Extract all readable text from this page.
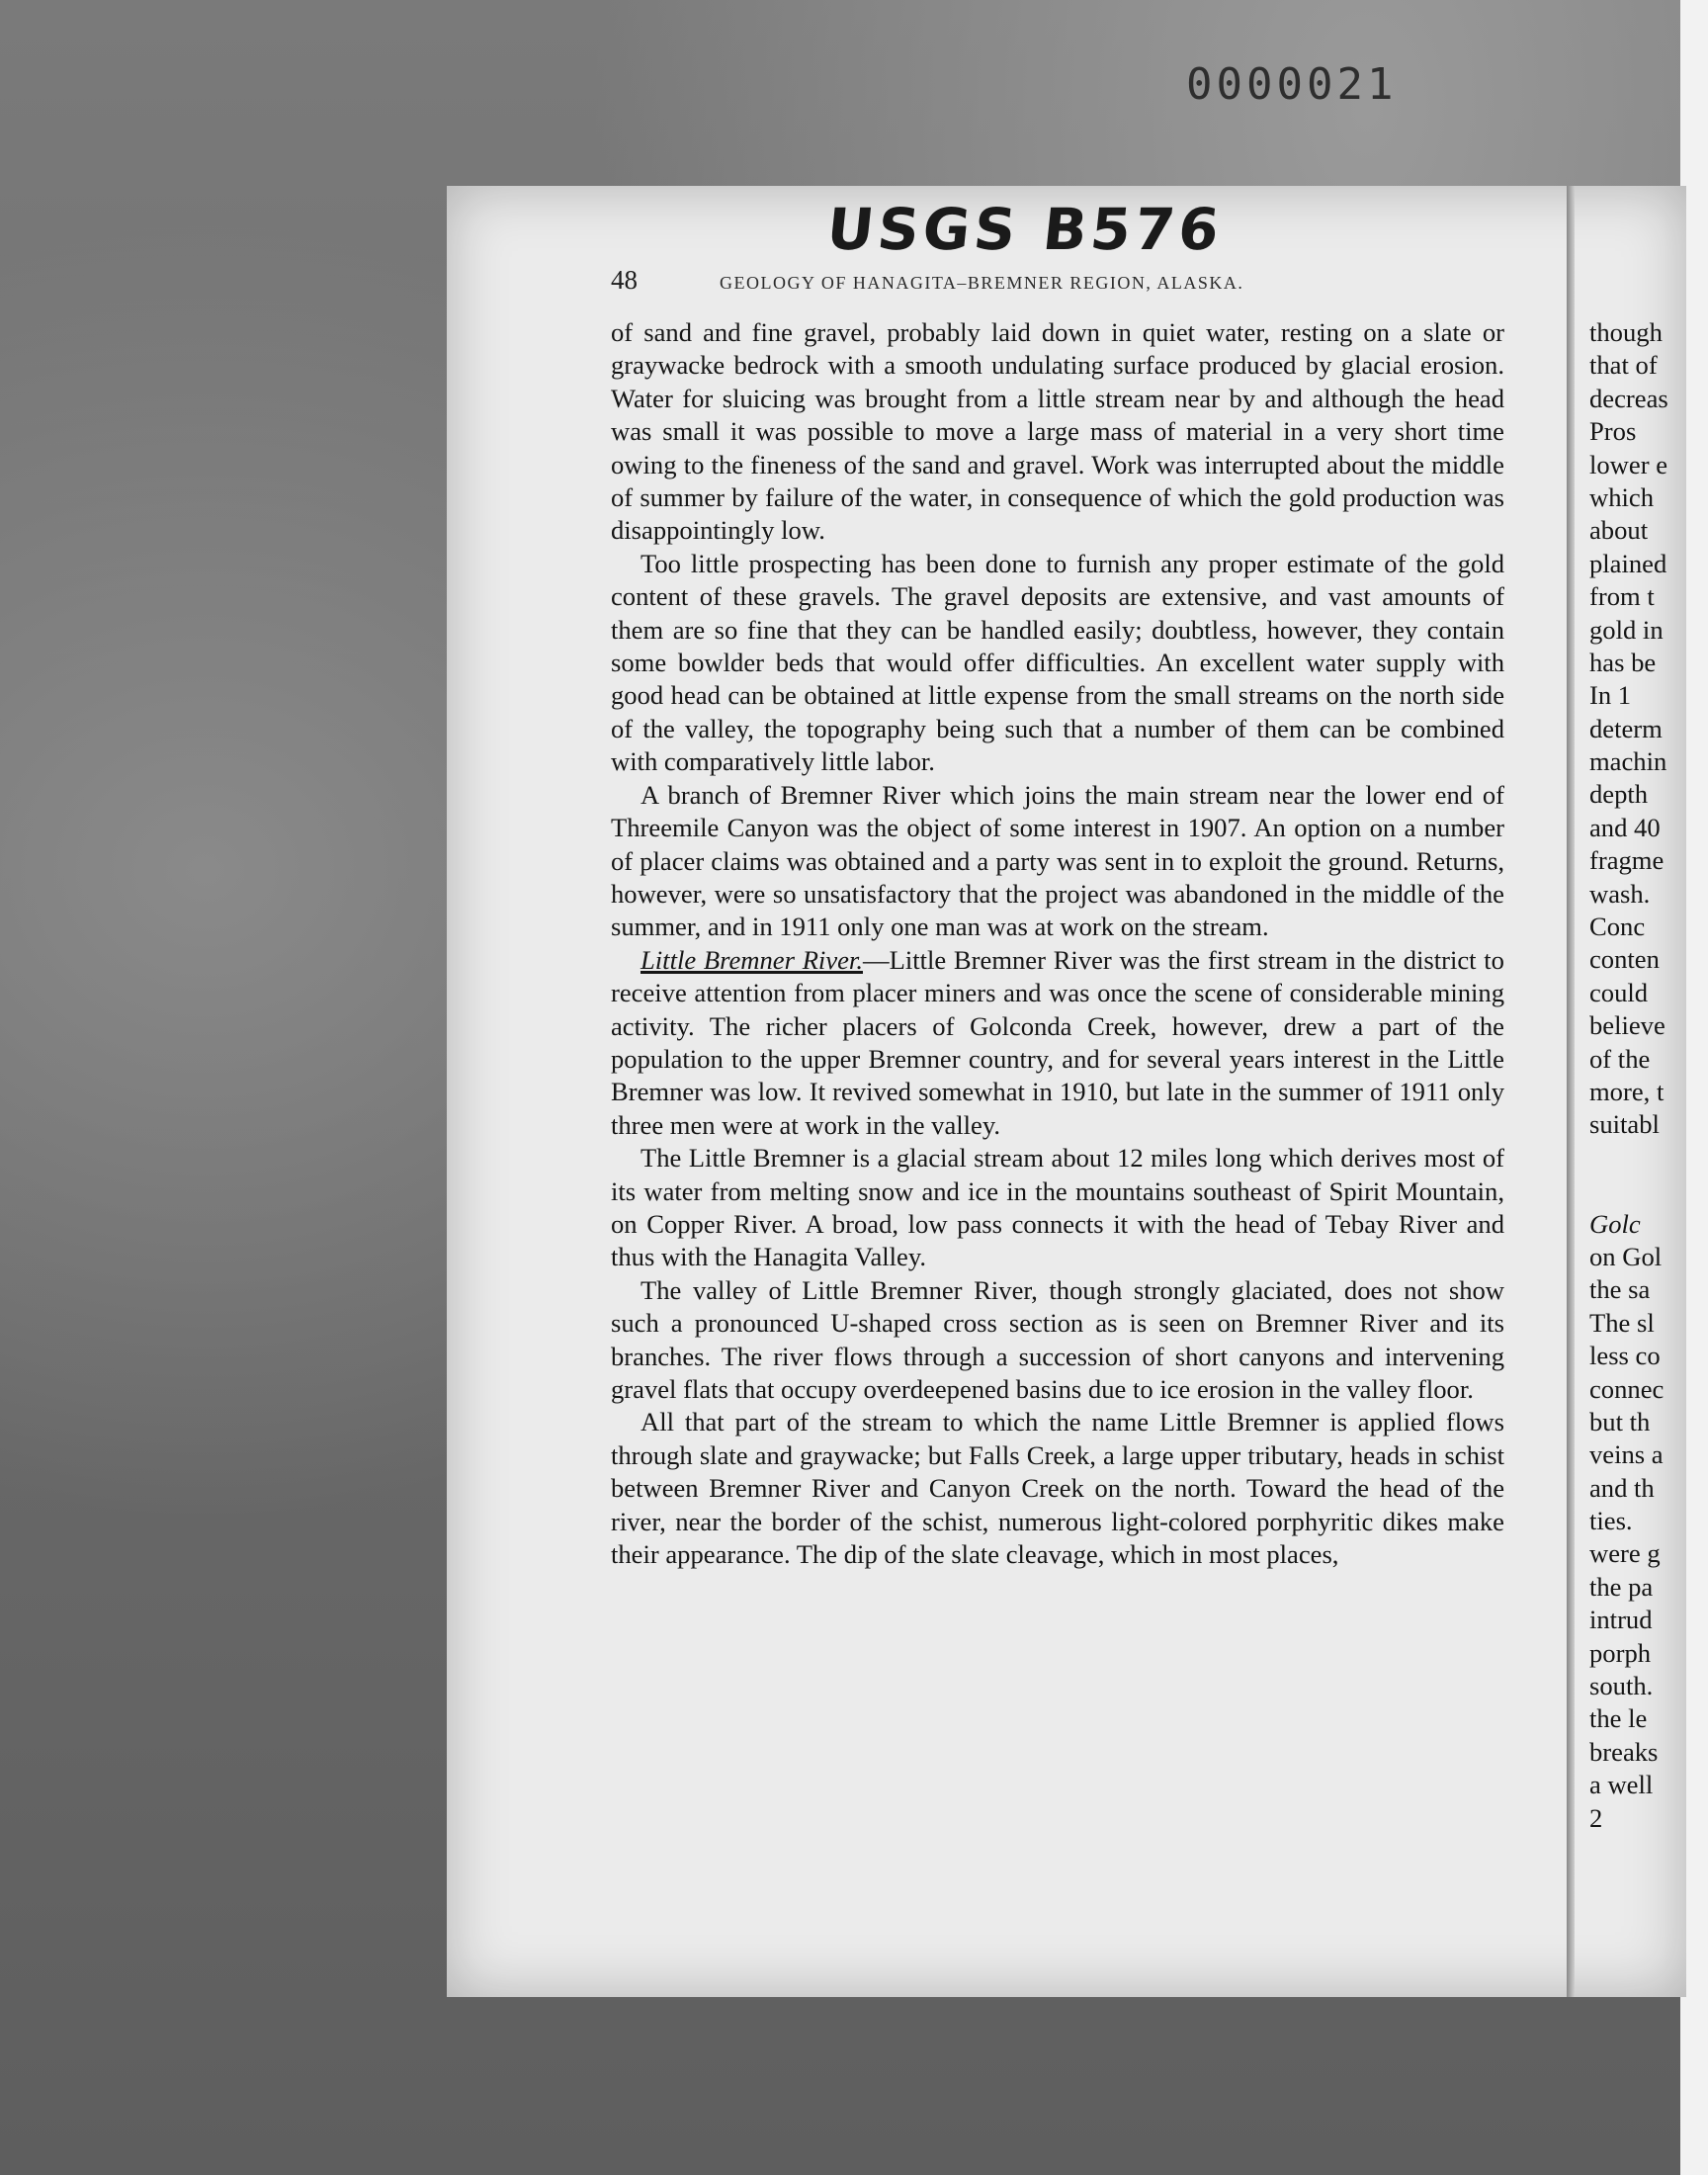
0000021
USGS B576
48	GEOLOGY OF HANAGITA–BREMNER REGION, ALASKA.

of sand and fine gravel, probably laid down in quiet water, resting on a slate or graywacke bedrock with a smooth undulating surface produced by glacial erosion. Water for sluicing was brought from a little stream near by and although the head was small it was possible to move a large mass of material in a very short time owing to the fineness of the sand and gravel. Work was interrupted about the middle of summer by failure of the water, in consequence of which the gold production was disappointingly low.

Too little prospecting has been done to furnish any proper estimate of the gold content of these gravels. The gravel deposits are extensive, and vast amounts of them are so fine that they can be handled easily; doubtless, however, they contain some bowlder beds that would offer difficulties. An excellent water supply with good head can be obtained at little expense from the small streams on the north side of the valley, the topography being such that a number of them can be combined with comparatively little labor.

A branch of Bremner River which joins the main stream near the lower end of Threemile Canyon was the object of some interest in 1907. An option on a number of placer claims was obtained and a party was sent in to exploit the ground. Returns, however, were so unsatisfactory that the project was abandoned in the middle of the summer, and in 1911 only one man was at work on the stream.

Little Bremner River.—Little Bremner River was the first stream in the district to receive attention from placer miners and was once the scene of considerable mining activity. The richer placers of Golconda Creek, however, drew a part of the population to the upper Bremner country, and for several years interest in the Little Bremner was low. It revived somewhat in 1910, but late in the summer of 1911 only three men were at work in the valley.

The Little Bremner is a glacial stream about 12 miles long which derives most of its water from melting snow and ice in the mountains southeast of Spirit Mountain, on Copper River. A broad, low pass connects it with the head of Tebay River and thus with the Hanagita Valley.

The valley of Little Bremner River, though strongly glaciated, does not show such a pronounced U-shaped cross section as is seen on Bremner River and its branches. The river flows through a succession of short canyons and intervening gravel flats that occupy overdeepened basins due to ice erosion in the valley floor.

All that part of the stream to which the name Little Bremner is applied flows through slate and graywacke; but Falls Creek, a large upper tributary, heads in schist between Bremner River and Canyon Creek on the north. Toward the head of the river, near the border of the schist, numerous light-colored porphyritic dikes make their appearance. The dip of the slate cleavage, which in most places,

though
that of
decreas
Pros
lower e
which
about
plained
from t
gold in
has be
In 1
determ
machin
depth
and 40
fragme
wash.
Conc
conten
could
believe
of the
more, t
suitabl
Golc
on Gol
the sa
The sl
less co
connec
but th
veins a
and th
ties.
were g
the pa
intrud
porph
south.
the le
breaks
a well
2
